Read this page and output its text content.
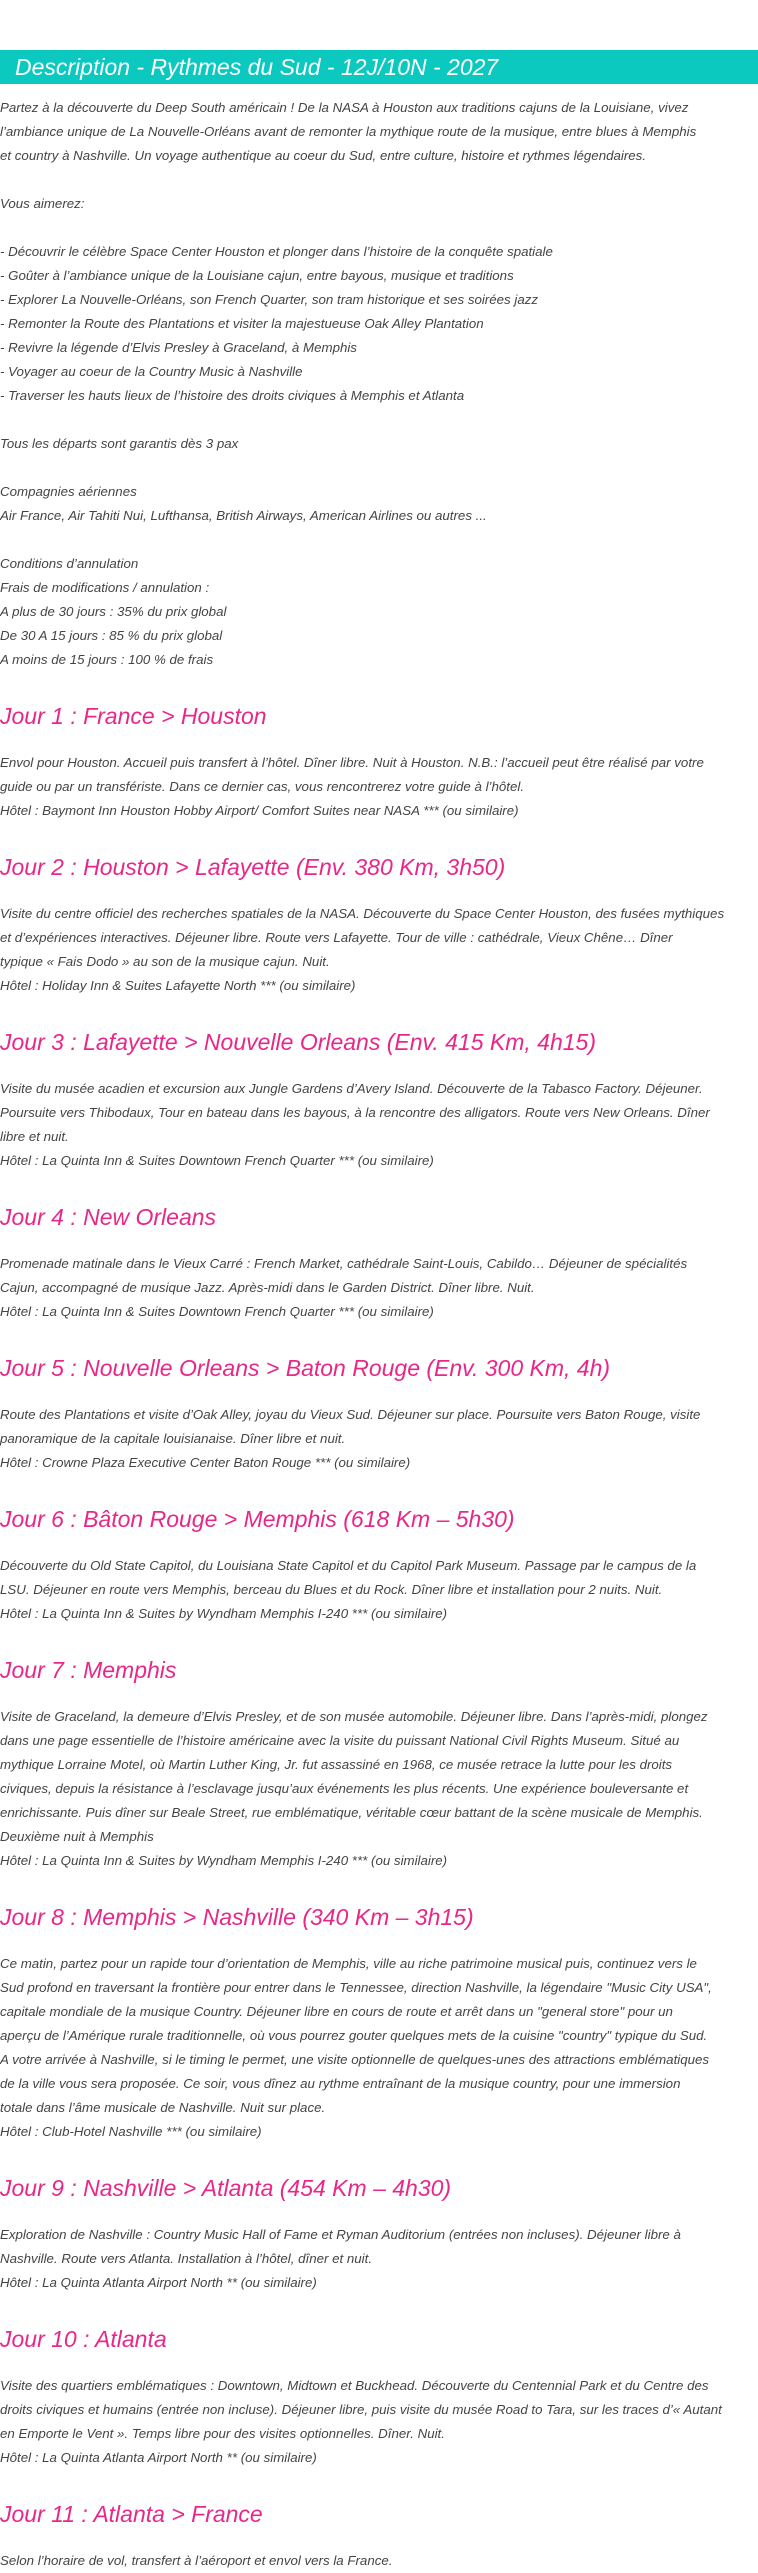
Description - Rythmes du Sud - 12J/10N - 2027
Partez à la découverte du Deep South américain ! De la NASA à Houston aux traditions cajuns de la Louisiane, vivez
l’ambiance unique de La Nouvelle-Orléans avant de remonter la mythique route de la musique, entre blues à Memphis
et country à Nashville. Un voyage authentique au coeur du Sud, entre culture, histoire et rythmes légendaires.
Vous aimerez:
- Découvrir le célèbre Space Center Houston et plonger dans l’histoire de la conquête spatiale
- Goûter à l’ambiance unique de la Louisiane cajun, entre bayous, musique et traditions
- Explorer La Nouvelle-Orléans, son French Quarter, son tram historique et ses soirées jazz
- Remonter la Route des Plantations et visiter la majestueuse Oak Alley Plantation
- Revivre la légende d’Elvis Presley à Graceland, à Memphis
- Voyager au coeur de la Country Music à Nashville
- Traverser les hauts lieux de l’histoire des droits civiques à Memphis et Atlanta
Tous les départs sont garantis dès 3 pax
Compagnies aériennes
Air France, Air Tahiti Nui, Lufthansa, British Airways, American Airlines ou autres ...
Conditions d’annulation
Frais de modifications / annulation :
A plus de 30 jours : 35% du prix global
De 30 A 15 jours : 85 % du prix global
A moins de 15 jours : 100 % de frais
Jour 1 : France > Houston
Envol pour Houston. Accueil puis transfert à l’hôtel. Dîner libre. Nuit à Houston. N.B.: l’accueil peut être réalisé par votre
guide ou par un transfériste. Dans ce dernier cas, vous rencontrerez votre guide à l’hôtel.
Hôtel : Baymont Inn Houston Hobby Airport/ Comfort Suites near NASA *** (ou similaire)
Jour 2 : Houston > Lafayette (Env. 380 Km, 3h50)
Visite du centre officiel des recherches spatiales de la NASA. Découverte du Space Center Houston, des fusées mythiques
et d’expériences interactives. Déjeuner libre. Route vers Lafayette. Tour de ville : cathédrale, Vieux Chêne… Dîner
typique « Fais Dodo » au son de la musique cajun. Nuit.
Hôtel : Holiday Inn & Suites Lafayette North *** (ou similaire)
Jour 3 : Lafayette > Nouvelle Orleans (Env. 415 Km, 4h15)
Visite du musée acadien et excursion aux Jungle Gardens d’Avery Island. Découverte de la Tabasco Factory. Déjeuner.
Poursuite vers Thibodaux, Tour en bateau dans les bayous, à la rencontre des alligators. Route vers New Orleans. Dîner
libre et nuit.
Hôtel : La Quinta Inn & Suites Downtown French Quarter *** (ou similaire)
Jour 4 : New Orleans
Promenade matinale dans le Vieux Carré : French Market, cathédrale Saint-Louis, Cabildo… Déjeuner de spécialités
Cajun, accompagné de musique Jazz. Après-midi dans le Garden District. Dîner libre. Nuit.
Hôtel : La Quinta Inn & Suites Downtown French Quarter *** (ou similaire)
Jour 5 : Nouvelle Orleans > Baton Rouge (Env. 300 Km, 4h)
Route des Plantations et visite d’Oak Alley, joyau du Vieux Sud. Déjeuner sur place. Poursuite vers Baton Rouge, visite
panoramique de la capitale louisianaise. Dîner libre et nuit.
Hôtel : Crowne Plaza Executive Center Baton Rouge *** (ou similaire)
Jour 6 : Bâton Rouge > Memphis (618 Km – 5h30)
Découverte du Old State Capitol, du Louisiana State Capitol et du Capitol Park Museum. Passage par le campus de la
LSU. Déjeuner en route vers Memphis, berceau du Blues et du Rock. Dîner libre et installation pour 2 nuits. Nuit.
Hôtel : La Quinta Inn & Suites by Wyndham Memphis I-240 *** (ou similaire)
Jour 7 : Memphis
Visite de Graceland, la demeure d’Elvis Presley, et de son musée automobile. Déjeuner libre. Dans l’après-midi, plongez
dans une page essentielle de l’histoire américaine avec la visite du puissant National Civil Rights Museum. Situé au
mythique Lorraine Motel, où Martin Luther King, Jr. fut assassiné en 1968, ce musée retrace la lutte pour les droits
civiques, depuis la résistance à l’esclavage jusqu’aux événements les plus récents. Une expérience bouleversante et
enrichissante. Puis dîner sur Beale Street, rue emblématique, véritable cœur battant de la scène musicale de Memphis.
Deuxième nuit à Memphis
Hôtel : La Quinta Inn & Suites by Wyndham Memphis I-240 *** (ou similaire)
Jour 8 : Memphis > Nashville (340 Km – 3h15)
Ce matin, partez pour un rapide tour d’orientation de Memphis, ville au riche patrimoine musical puis, continuez vers le
Sud profond en traversant la frontière pour entrer dans le Tennessee, direction Nashville, la légendaire "Music City USA",
capitale mondiale de la musique Country. Déjeuner libre en cours de route et arrêt dans un "general store" pour un
aperçu de l’Amérique rurale traditionnelle, où vous pourrez gouter quelques mets de la cuisine "country" typique du Sud.
A votre arrivée à Nashville, si le timing le permet, une visite optionnelle de quelques-unes des attractions emblématiques
de la ville vous sera proposée. Ce soir, vous dînez au rythme entraînant de la musique country, pour une immersion
totale dans l’âme musicale de Nashville. Nuit sur place.
Hôtel : Club-Hotel Nashville *** (ou similaire)
Jour 9 : Nashville > Atlanta (454 Km – 4h30)
Exploration de Nashville : Country Music Hall of Fame et Ryman Auditorium (entrées non incluses). Déjeuner libre à
Nashville. Route vers Atlanta. Installation à l’hôtel, dîner et nuit.
Hôtel : La Quinta Atlanta Airport North ** (ou similaire)
Jour 10 : Atlanta
Visite des quartiers emblématiques : Downtown, Midtown et Buckhead. Découverte du Centennial Park et du Centre des
droits civiques et humains (entrée non incluse). Déjeuner libre, puis visite du musée Road to Tara, sur les traces d’« Autant
en Emporte le Vent ». Temps libre pour des visites optionnelles. Dîner. Nuit.
Hôtel : La Quinta Atlanta Airport North ** (ou similaire)
Jour 11 : Atlanta > France
Selon l’horaire de vol, transfert à l’aéroport et envol vers la France.
